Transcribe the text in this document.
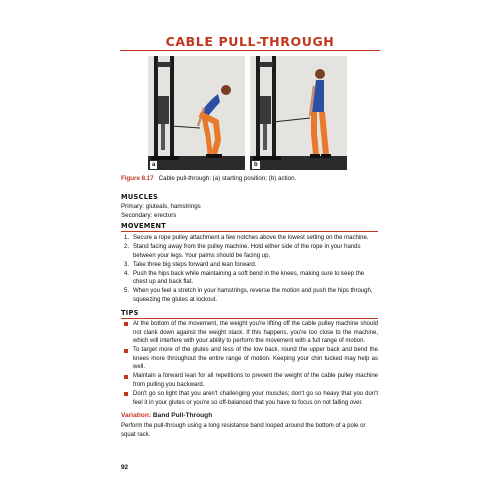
CABLE PULL-THROUGH
a	b
Figure 8.17 Cable pull-through: (a) starting position; (b) action.
MUSCLES
Primary: gluteals, hamstrings
Secondary: erectors
MOVEMENT
1. Secure a rope pulley attachment a few notches above the lowest setting on the machine.
2. Stand facing away from the pulley machine. Hold either side of the rope in your hands between your legs. Your palms should be facing up.
3. Take three big steps forward and lean forward.
4. Push the hips back while maintaining a soft bend in the knees, making sure to keep the chest up and back flat.
5. When you feel a stretch in your hamstrings, reverse the motion and push the hips through, squeezing the glutes at lockout.
TIPS
At the bottom of the movement, the weight you're lifting off the cable pulley machine should not clank down against the weight stack. If this happens, you're too close to the machine, which will interfere with your ability to perform the movement with a full range of motion.
To target more of the glutes and less of the low back, round the upper back and bend the knees more throughout the entire range of motion. Keeping your chin tucked may help as well.
Maintain a forward lean for all repetitions to prevent the weight of the cable pulley machine from pulling you backward.
Don't go so light that you aren't challenging your muscles; don't go so heavy that you don't feel it in your glutes or you're so off-balanced that you have to focus on not falling over.
Variation: Band Pull-Through
Perform the pull-through using a long resistance band looped around the bottom of a pole or squat rack.
92
